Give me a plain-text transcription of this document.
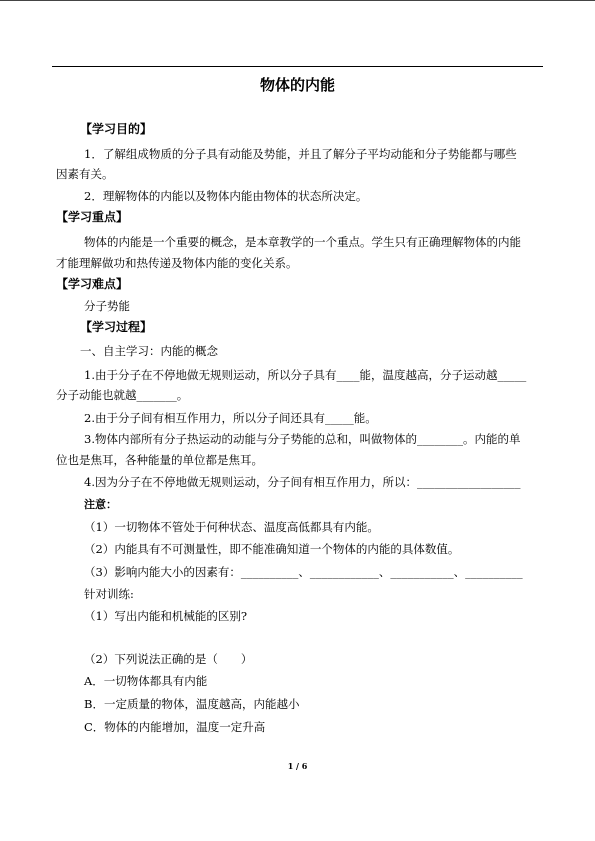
物体的内能
【学习目的】
1．了解组成物质的分子具有动能及势能，并且了解分子平均动能和分子势能都与哪些
因素有关。
2．理解物体的内能以及物体内能由物体的状态所决定。
【学习重点】
物体的内能是一个重要的概念，是本章教学的一个重点。学生只有正确理解物体的内能
才能理解做功和热传递及物体内能的变化关系。
【学习难点】
分子势能
【学习过程】
一、自主学习：内能的概念
1.由于分子在不停地做无规则运动，所以分子具有____能，温度越高，分子运动越_____
分子动能也就越_______。
2.由于分子间有相互作用力，所以分子间还具有_____能。
3.物体内部所有分子热运动的动能与分子势能的总和，叫做物体的________。内能的单
位也是焦耳，各种能量的单位都是焦耳。
4.因为分子在不停地做无规则运动，分子间有相互作用力，所以：__________________
注意：
（1）一切物体不管处于何种状态、温度高低都具有内能。
（2）内能具有不可测量性，即不能准确知道一个物体的内能的具体数值。
（3）影响内能大小的因素有：__________、____________、___________、__________
针对训练:
（1）写出内能和机械能的区别?
（2）下列说法正确的是（　　）
A．一切物体都具有内能
B．一定质量的物体，温度越高，内能越小
C．物体的内能增加，温度一定升高
1 / 6
